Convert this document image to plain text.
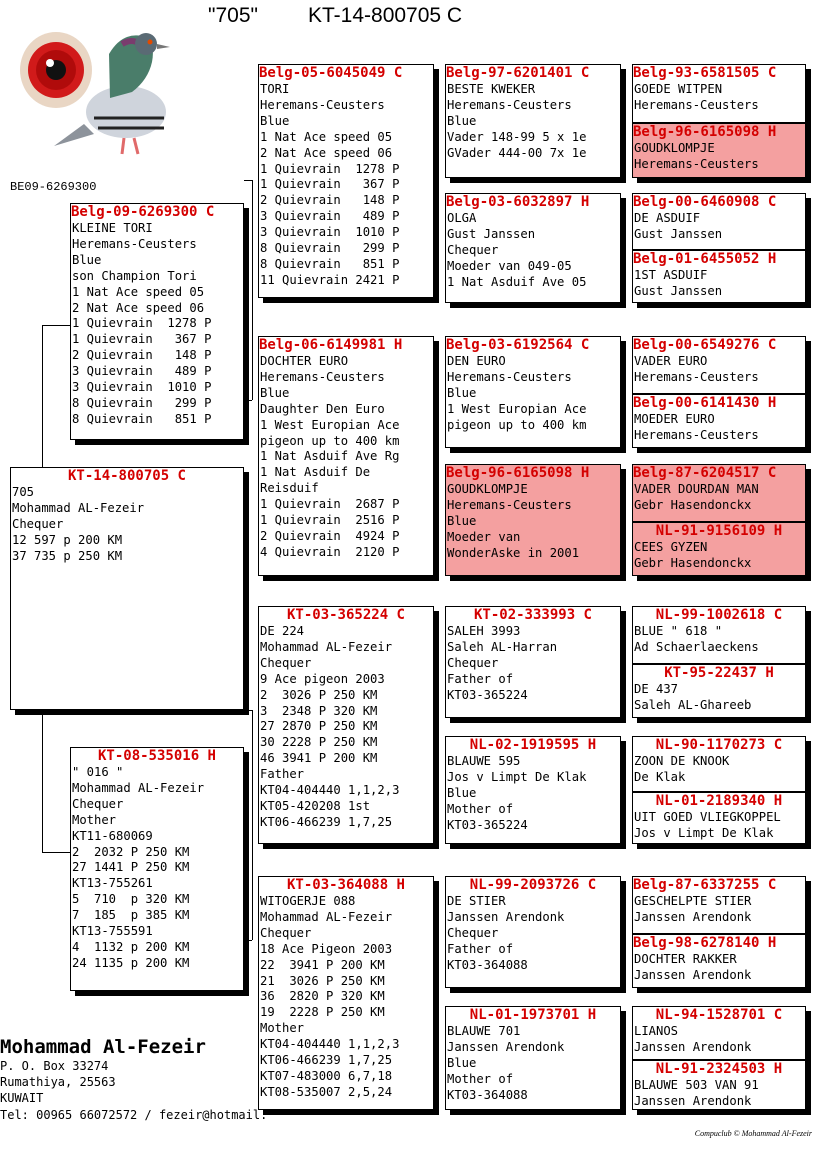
"705" KT-14-800705 C
BE09-6269300
KT-14-800705 C
705
Mohammad AL-Fezeir
Chequer
12 597 p 200 KM
37 735 p 250 KM
Belg-09-6269300 C
KLEINE TORI
Heremans-Ceusters
Blue
son Champion Tori
1 Nat Ace speed 05
2 Nat Ace speed 06
1 Quievrain  1278 P
1 Quievrain   367 P
2 Quievrain   148 P
3 Quievrain   489 P
3 Quievrain  1010 P
8 Quievrain   299 P
8 Quievrain   851 P
KT-08-535016 H
" 016 "
Mohammad AL-Fezeir
Chequer
Mother
KT11-680069
2  2032 P 250 KM
27 1441 P 250 KM
KT13-755261
5  710  p 320 KM
7  185  p 385 KM
KT13-755591
4  1132 p 200 KM
24 1135 p 200 KM
Belg-05-6045049 C
TORI
Heremans-Ceusters
Blue
1 Nat Ace speed 05
2 Nat Ace speed 06
1 Quievrain  1278 P
1 Quievrain   367 P
2 Quievrain   148 P
3 Quievrain   489 P
3 Quievrain  1010 P
8 Quievrain   299 P
8 Quievrain   851 P
11 Quievrain 2421 P
Belg-06-6149981 H
DOCHTER EURO
Heremans-Ceusters
Blue
Daughter Den Euro
1 West Europian Ace
pigeon up to 400 km
1 Nat Asduif Ave Rg
1 Nat Asduif De
Reisduif
1 Quievrain  2687 P
1 Quievrain  2516 P
2 Quievrain  4924 P
4 Quievrain  2120 P
KT-03-365224 C
DE 224
Mohammad AL-Fezeir
Chequer
9 Ace pigeon 2003
2  3026 P 250 KM
3  2348 P 320 KM
27 2870 P 250 KM
30 2228 P 250 KM
46 3941 P 200 KM
Father
KT04-404440 1,1,2,3
KT05-420208 1st
KT06-466239 1,7,25
KT-03-364088 H
WITOGERJE 088
Mohammad AL-Fezeir
Chequer
18 Ace Pigeon 2003
22  3941 P 200 KM
21  3026 P 250 KM
36  2820 P 320 KM
19  2228 P 250 KM
Mother
KT04-404440 1,1,2,3
KT06-466239 1,7,25
KT07-483000 6,7,18
KT08-535007 2,5,24
Belg-97-6201401 C
BESTE KWEKER
Heremans-Ceusters
Blue
Vader 148-99 5 x 1e
GVader 444-00 7x 1e
Belg-03-6032897 H
OLGA
Gust Janssen
Chequer
Moeder van 049-05
1 Nat Asduif Ave 05
Belg-03-6192564 C
DEN EURO
Heremans-Ceusters
Blue
1 West Europian Ace
pigeon up to 400 km
Belg-96-6165098 H
GOUDKLOMPJE
Heremans-Ceusters
Blue
Moeder van
WonderAske in 2001
KT-02-333993 C
SALEH 3993
Saleh AL-Harran
Chequer
Father of
KT03-365224
NL-02-1919595 H
BLAUWE 595
Jos v Limpt De Klak
Blue
Mother of
KT03-365224
NL-99-2093726 C
DE STIER
Janssen Arendonk
Chequer
Father of
KT03-364088
NL-01-1973701 H
BLAUWE 701
Janssen Arendonk
Blue
Mother of
KT03-364088
Belg-93-6581505 C
GOEDE WITPEN
Heremans-Ceusters
Belg-96-6165098 H
GOUDKLOMPJE
Heremans-Ceusters
Belg-00-6460908 C
DE ASDUIF
Gust Janssen
Belg-01-6455052 H
1ST ASDUIF
Gust Janssen
Belg-00-6549276 C
VADER EURO
Heremans-Ceusters
Belg-00-6141430 H
MOEDER EURO
Heremans-Ceusters
Belg-87-6204517 C
VADER DOURDAN MAN
Gebr Hasendonckx
NL-91-9156109 H
CEES GYZEN
Gebr Hasendonckx
NL-99-1002618 C
BLUE " 618 "
Ad Schaerlaeckens
KT-95-22437 H
DE 437
Saleh AL-Ghareeb
NL-90-1170273 C
ZOON DE KNOOK
De Klak
NL-01-2189340 H
UIT GOED VLIEGKOPPEL
Jos v Limpt De Klak
Belg-87-6337255 C
GESCHELPTE STIER
Janssen Arendonk
Belg-98-6278140 H
DOCHTER RAKKER
Janssen Arendonk
NL-94-1528701 C
LIANOS
Janssen Arendonk
NL-91-2324503 H
BLAUWE 503 VAN 91
Janssen Arendonk
Mohammad Al-Fezeir
P. O. Box 33274
Rumathiya, 25563
KUWAIT
Tel: 00965 66072572 / fezeir@hotmail.
Compuclub © Mohammad Al-Fezeir
